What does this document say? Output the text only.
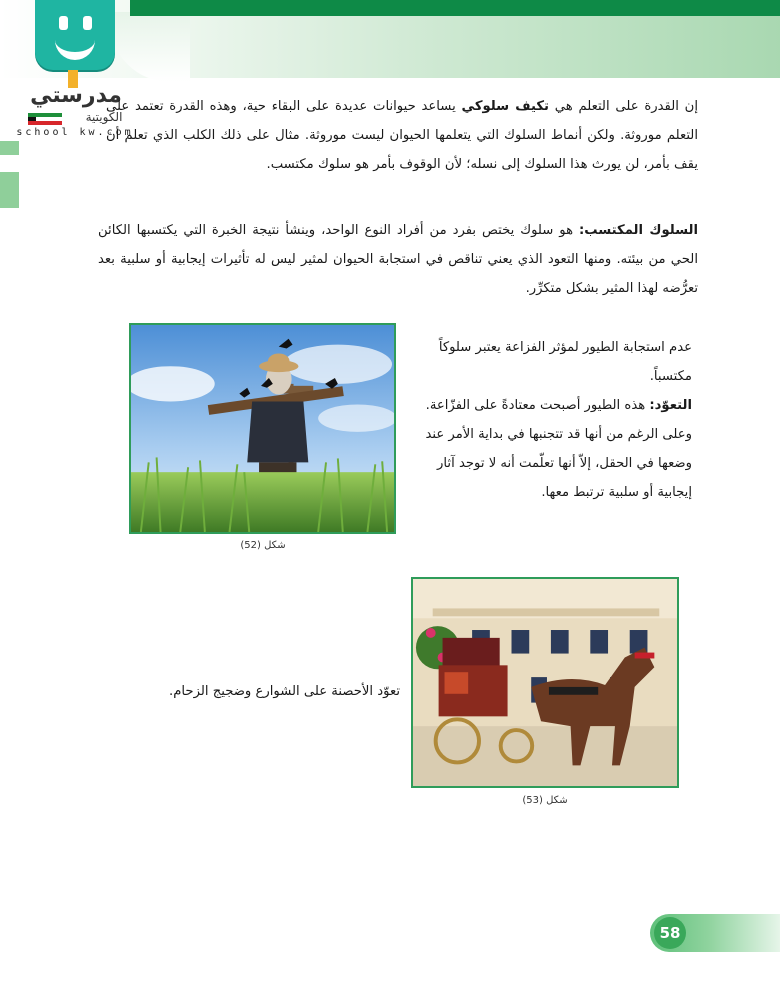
مدرستي
الكويتية
school kw.com

إن القدرة على التعلم هي تكيف سلوكي يساعد حيوانات عديدة على البقاء حية، وهذه القدرة تعتمد على التعلم موروثة. ولكن أنماط السلوك التي يتعلمها الحيوان ليست موروثة. مثال على ذلك الكلب الذي تعلم أن يقف بأمر، لن يورث هذا السلوك إلى نسله؛ لأن الوقوف بأمر هو سلوك مكتسب.

السلوك المكتسب: هو سلوك يختص بفرد من أفراد النوع الواحد، وينشأ نتيجة الخبرة التي يكتسبها الكائن الحي من بيئته. ومنها التعود الذي يعني تناقص في استجابة الحيوان لمثير ليس له تأثيرات إيجابية أو سلبية بعد تعرُّضه لهذا المثير بشكل متكرِّر.

شكل (52)
عدم استجابة الطيور لمؤثر الفزاعة يعتبر سلوكاً مكتسباً.
التعوّد: هذه الطيور أصبحت معتادةً على الفزّاعة. وعلى الرغم من أنها قد تتجنبها في بداية الأمر عند وضعها في الحقل، إلاّ أنها تعلّمت أنه لا توجد آثار إيجابية أو سلبية ترتبط معها.
شكل (53)
تعوّد الأحصنة على الشوارع وضجيج الزحام.
58
